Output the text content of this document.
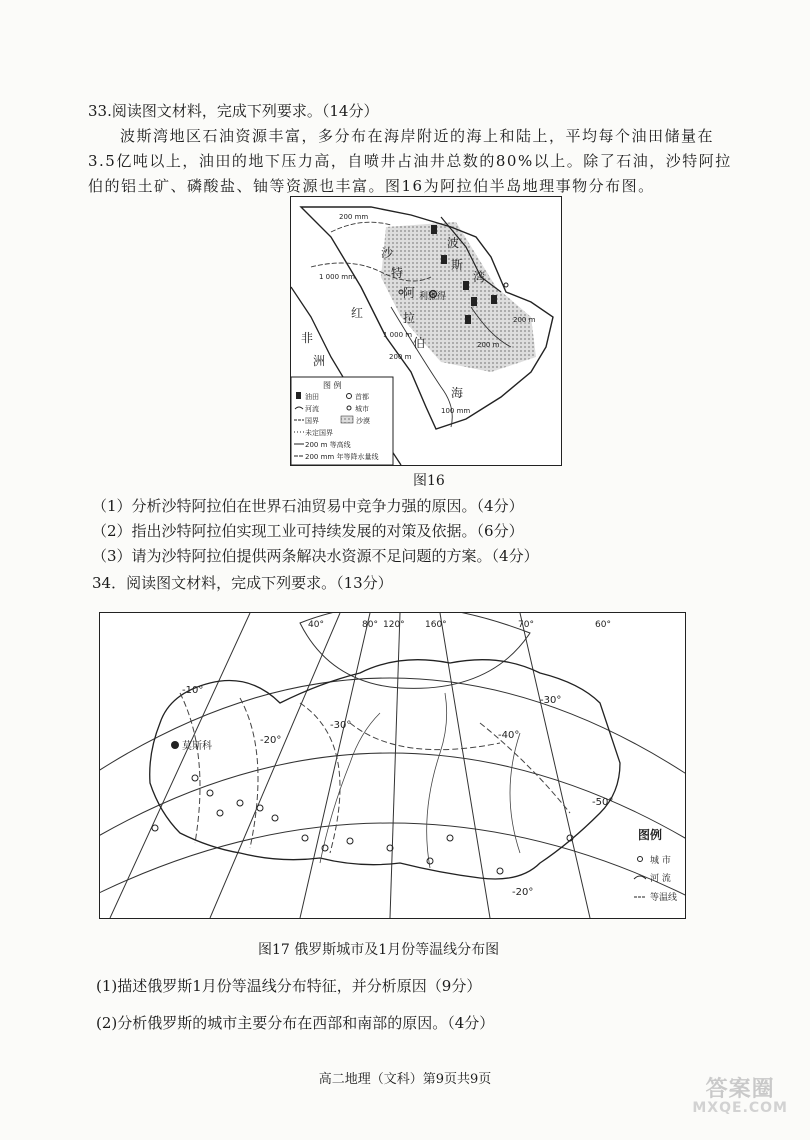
33.阅读图文材料，完成下列要求。（14分）
波斯湾地区石油资源丰富，多分布在海岸附近的海上和陆上，平均每个油田储量在
3.5亿吨以上，油田的地下压力高，自喷井占油井总数的80%以上。除了石油，沙特阿拉
伯的铝土矿、磷酸盐、铀等资源也丰富。图16为阿拉伯半岛地理事物分布图。
沙
特
阿
拉
伯
波
斯
湾
红
海
非
洲
利雅得
200 mm
1 000 mm
200 m
1 000 m
200 m
200 m
100 mm
图 例
油田	首都
河流	城市
国界	沙漠
未定国界
200 m 等高线
200 mm 年等降水量线
图16
（1）分析沙特阿拉伯在世界石油贸易中竞争力强的原因。（4分）
（2）指出沙特阿拉伯实现工业可持续发展的对策及依据。（6分）
（3）请为沙特阿拉伯提供两条解决水资源不足问题的方案。（4分）
34．阅读图文材料，完成下列要求。（13分）
40°	80° 120° 160°	70°	60°
-10°
-20°
-30°
-40°
-30°
-20°
-50°
莫斯科
图例
城 市
河 流
等温线
图17 俄罗斯城市及1月份等温线分布图
(1)描述俄罗斯1月份等温线分布特征，并分析原因（9分）
(2)分析俄罗斯的城市主要分布在西部和南部的原因。（4分）
高二地理（文科）第9页共9页	答案圈
MXQE.COM
